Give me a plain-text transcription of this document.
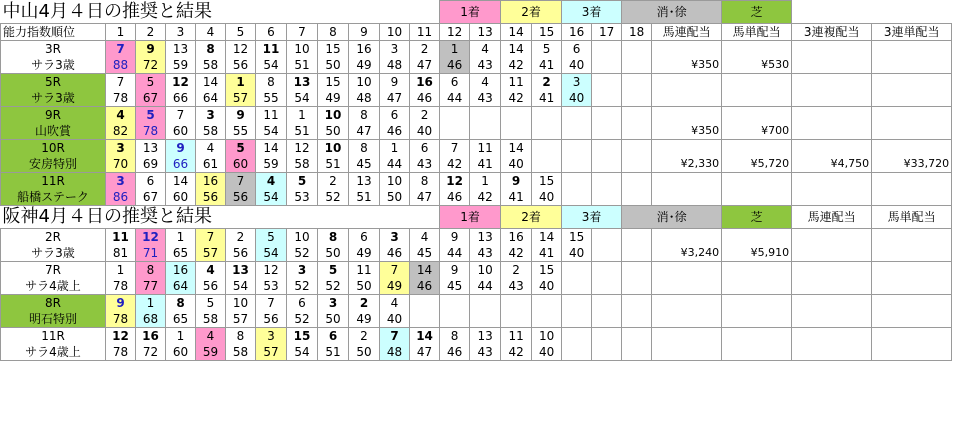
中山4月４日の推奨と結果												1着		2着		3着		消･徐		芝			
能力指数順位	1	2	3	4	5	6	7	8	9	10	11	12	13	14	15	16	17	18	馬連配当	馬単配当	3連複配当	3連単配当	
3R	7	9	13	8	12	11	10	15	16	3	2	1	4	14	5	6							
サラ3歳	88	72	59	58	56	54	51	50	49	48	47	46	43	42	41	40			¥350	¥530			
5R	7	5	12	14	1	8	13	15	10	9	16	6	4	11	2	3							
サラ3歳	78	67	66	64	57	55	54	49	48	47	46	44	43	42	41	40							
9R	4	5	7	3	9	11	1	10	8	6	2												
山吹賞	82	78	60	58	55	54	51	50	47	46	40								¥350	¥700			
10R	3	13	9	4	5	14	12	10	8	1	6	7	11	14									
安房特別	70	69	66	61	60	59	58	51	45	44	43	42	41	40					¥2,330	¥5,720	¥4,750	¥33,720	
11R	3	6	14	16	7	4	5	2	13	10	8	12	1	9	15								
船橋ステーク	86	67	60	56	56	54	53	52	51	50	47	46	42	41	40								
阪神4月４日の推奨と結果												1着		2着		3着		消･徐		芝	馬連配当	馬単配当		
2R	11	12	1	7	2	5	10	8	6	3	4	9	13	16	14	15							
サラ3歳	81	71	65	57	56	54	52	50	49	46	45	44	43	42	41	40			¥3,240	¥5,910			
7R	1	8	16	4	13	12	3	5	11	7	14	9	10	2	15								
サラ4歳上	78	77	64	56	54	53	52	52	50	49	46	45	44	43	40								
8R	9	1	8	5	10	7	6	3	2	4													
明石特別	78	68	65	58	57	56	52	50	49	40													
11R	12	16	1	4	8	3	15	6	2	7	14	8	13	11	10								
サラ4歳上	78	72	60	59	58	57	54	51	50	48	47	46	43	42	40								
